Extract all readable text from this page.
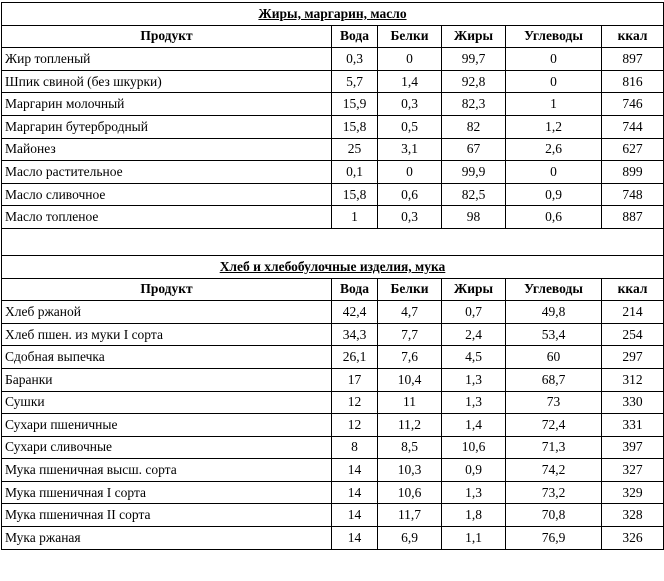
Жиры, маргарин, масло					
Продукт	Вода	Белки	Жиры	Углеводы	ккал
Жир топленый	0,3	0	99,7	0	897
Шпик свиной (без шкурки)	5,7	1,4	92,8	0	816
Маргарин молочный	15,9	0,3	82,3	1	746
Маргарин бутербродный	15,8	0,5	82	1,2	744
Майонез	25	3,1	67	2,6	627
Масло растительное	0,1	0	99,9	0	899
Масло сливочное	15,8	0,6	82,5	0,9	748
Масло топленое	1	0,3	98	0,6	887

Хлеб и хлебобулочные изделия, мука					
Продукт	Вода	Белки	Жиры	Углеводы	ккал
Хлеб ржаной	42,4	4,7	0,7	49,8	214
Хлеб пшен. из муки I сорта	34,3	7,7	2,4	53,4	254
Сдобная выпечка	26,1	7,6	4,5	60	297
Баранки	17	10,4	1,3	68,7	312
Сушки	12	11	1,3	73	330
Сухари пшеничные	12	11,2	1,4	72,4	331
Сухари сливочные	8	8,5	10,6	71,3	397
Мука пшеничная высш. сорта	14	10,3	0,9	74,2	327
Мука пшеничная I сорта	14	10,6	1,3	73,2	329
Мука пшеничная II сорта	14	11,7	1,8	70,8	328
Мука ржаная	14	6,9	1,1	76,9	326
